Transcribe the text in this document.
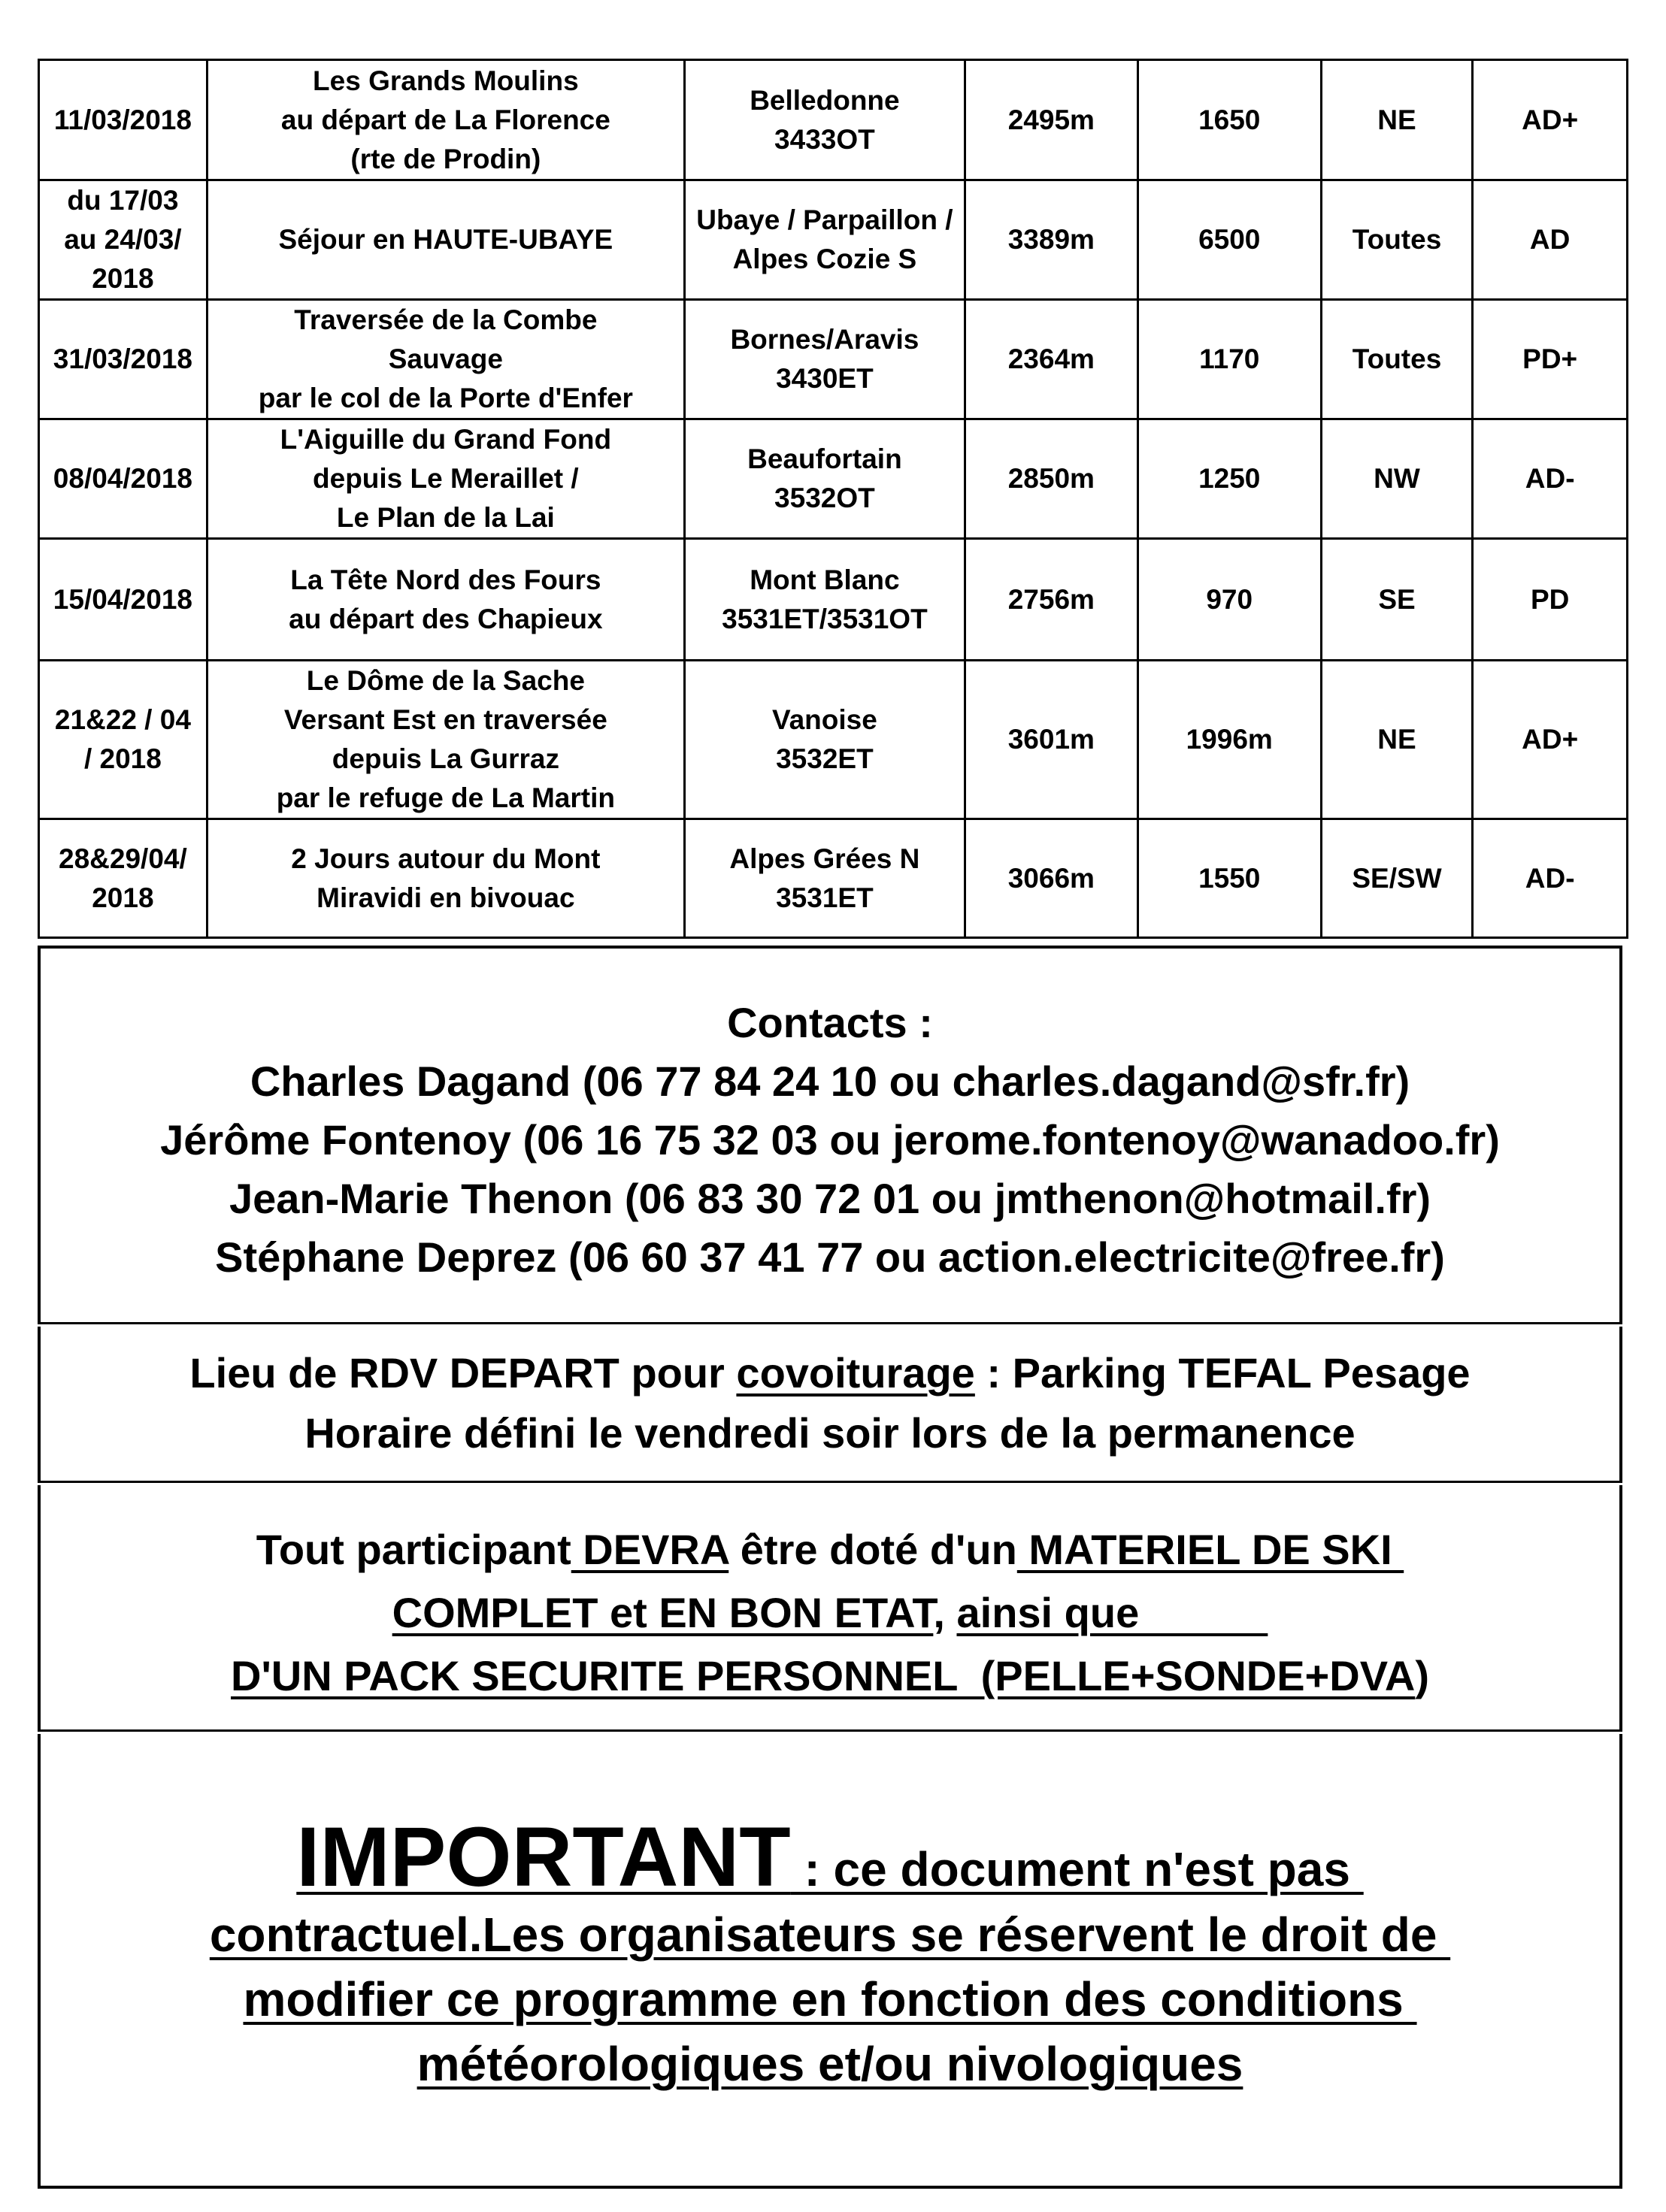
11/03/2018	Les Grands Moulins
au départ de La Florence
(rte de Prodin)	Belledonne
3433OT	2495m	1650	NE	AD+

du 17/03
au 24/03/
2018	Séjour en HAUTE-UBAYE	Ubaye / Parpaillon /
Alpes Cozie S	3389m	6500	Toutes	AD

31/03/2018	Traversée de la Combe
Sauvage
par le col de la Porte d'Enfer	Bornes/Aravis
3430ET	2364m	1170	Toutes	PD+

08/04/2018	L'Aiguille du Grand Fond
depuis Le Meraillet /
Le Plan de la Lai	Beaufortain
3532OT	2850m	1250	NW	AD-

15/04/2018	La Tête Nord des Fours
au départ des Chapieux	Mont Blanc
3531ET/3531OT	2756m	970	SE	PD

21&22 / 04
/ 2018	Le Dôme de la Sache
Versant Est en traversée
depuis La Gurraz
par le refuge de La Martin	Vanoise
3532ET	3601m	1996m	NE	AD+

28&29/04/
2018	2 Jours autour du Mont
Miravidi en bivouac	Alpes Grées N
3531ET	3066m	1550	SE/SW	AD-
Contacts :
Charles Dagand (06 77 84 24 10 ou charles.dagand@sfr.fr)
Jérôme Fontenoy (06 16 75 32 03 ou jerome.fontenoy@wanadoo.fr)
Jean-Marie Thenon (06 83 30 72 01 ou jmthenon@hotmail.fr)
Stéphane Deprez (06 60 37 41 77 ou action.electricite@free.fr)
Lieu de RDV DEPART pour covoiturage : Parking TEFAL Pesage
Horaire défini le vendredi soir lors de la permanence
Tout participant DEVRA être doté d'un MATERIEL DE SKI
COMPLET et EN BON ETAT, ainsi que
D'UN PACK SECURITE PERSONNEL  (PELLE+SONDE+DVA)
IMPORTANT : ce document n'est pas
contractuel.Les organisateurs se réservent le droit de
modifier ce programme en fonction des conditions
météorologiques et/ou nivologiques
